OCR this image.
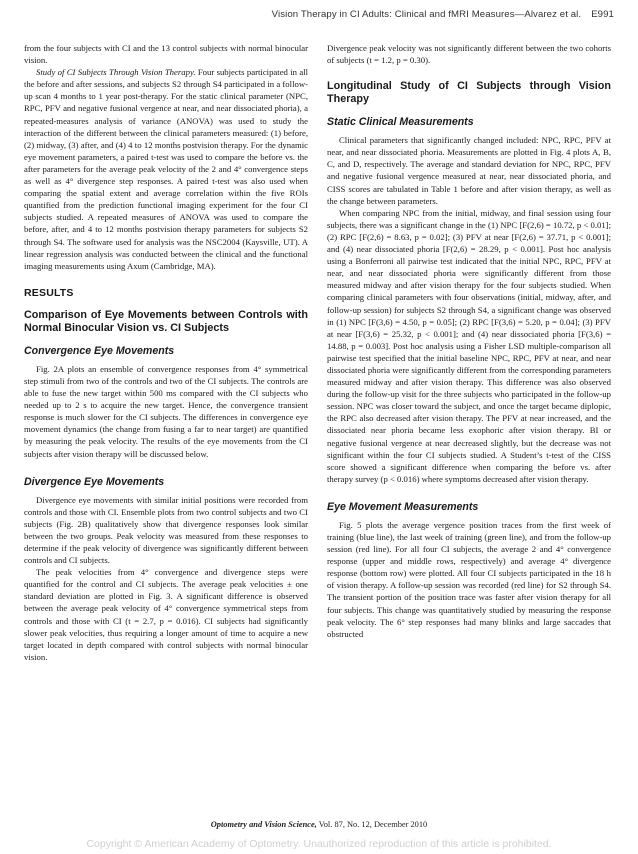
Vision Therapy in CI Adults: Clinical and fMRI Measures—Alvarez et al. E991

from the four subjects with CI and the 13 control subjects with normal binocular vision.

Study of CI Subjects Through Vision Therapy. Four subjects participated in all the before and after sessions, and subjects S2 through S4 participated in a follow-up scan 4 months to 1 year post-therapy. For the static clinical parameter (NPC, RPC, PFV and negative fusional vergence at near, and near dissociated phoria), a repeated-measures analysis of variance (ANOVA) was used to study the interaction of the different between the clinical parameters measured: (1) before, (2) midway, (3) after, and (4) 4 to 12 months postvision therapy. For the dynamic eye movement parameters, a paired t-test was used to compare the before vs. the after parameters for the average peak velocity of the 2 and 4° convergence steps as well as 4° divergence step responses. A paired t-test was also used when comparing the spatial extent and average correlation within the five ROIs quantified from the prediction functional imaging experiment for the four CI subjects studied. A repeated measures of ANOVA was used to compare the before, after, and 4 to 12 months postvision therapy parameters for subjects S2 through S4. The software used for analysis was the NSC2004 (Kaysville, UT). A linear regression analysis was conducted between the clinical and the functional imaging measurements using Axum (Cambridge, MA).

RESULTS
Comparison of Eye Movements between Controls with Normal Binocular Vision vs. CI Subjects
Convergence Eye Movements

Fig. 2A plots an ensemble of convergence responses from 4° symmetrical step stimuli from two of the controls and two of the CI subjects. The controls are able to fuse the new target within 500 ms compared with the CI subjects who needed up to 2 s to acquire the new target. Hence, the convergence transient response is much slower for the CI subjects. The differences in convergence eye movement dynamics (the change from fusing a far to near target) are quantified by measuring the peak velocity. The results of the eye movements from the CI subjects after vision therapy will be discussed below.

Divergence Eye Movements

Divergence eye movements with similar initial positions were recorded from controls and those with CI. Ensemble plots from two control subjects and two CI subjects (Fig. 2B) qualitatively show that divergence responses look similar between the two groups. Peak velocity was measured from these responses to determine if the peak velocity of divergence was significantly different between controls and CI subjects.

The peak velocities from 4° convergence and divergence steps were quantified for the control and CI subjects. The average peak velocities ± one standard deviation are plotted in Fig. 3. A significant difference is observed between the average peak velocity of 4° convergence symmetrical steps from controls and those with CI (t = 2.7, p = 0.016). CI subjects had significantly slower peak velocities, thus requiring a longer amount of time to acquire a new target located in depth compared with control subjects with normal binocular vision.

Divergence peak velocity was not significantly different between the two cohorts of subjects (t = 1.2, p = 0.30).

Longitudinal Study of CI Subjects through Vision Therapy
Static Clinical Measurements

Clinical parameters that significantly changed included: NPC, RPC, PFV at near, and near dissociated phoria. Measurements are plotted in Fig. 4 plots A, B, C, and D, respectively. The average and standard deviation for NPC, RPC, PFV and negative fusional vergence measured at near, near dissociated phoria, and CISS scores are tabulated in Table 1 before and after vision therapy, as well as the change between parameters.

When comparing NPC from the initial, midway, and final session using four subjects, there was a significant change in the (1) NPC [F(2,6) = 10.72, p < 0.01]; (2) RPC [F(2,6) = 8.63, p = 0.02]; (3) PFV at near [F(2,6) = 37.71, p < 0.001]; and (4) near dissociated phoria [F(2,6) = 28.29, p < 0.001]. Post hoc analysis using a Bonferroni all pairwise test indicated that the initial NPC, RPC, PFV at near, and near dissociated phoria were significantly different from those measured midway and after vision therapy for the four subjects studied. When comparing clinical parameters with four observations (initial, midway, after, and follow-up session) for subjects S2 through S4, a significant change was observed in (1) NPC [F(3,6) = 4.50, p = 0.05]; (2) RPC [F(3,6) = 5.20, p = 0.04]; (3) PFV at near [F(3,6) = 25.32, p < 0.001]; and (4) near dissociated phoria [F(3,6) = 14.88, p = 0.003]. Post hoc analysis using a Fisher LSD multiple-comparison all pairwise test specified that the initial baseline NPC, RPC, PFV at near, and near dissociated phoria were significantly different from the corresponding parameters measured midway and after vision therapy. This difference was also observed during the follow-up visit for the three subjects who participated in the follow-up session. NPC was closer toward the subject, and once the target became diplopic, the RPC also decreased after vision therapy. The PFV at near increased, and the dissociated near phoria became less exophoric after vision therapy. BI or negative fusional vergence at near decreased slightly, but the decrease was not significant within the four CI subjects studied. A Student’s t-test of the CISS score showed a significant difference when comparing the before vs. after therapy survey (p < 0.016) where symptoms decreased after vision therapy.

Eye Movement Measurements

Fig. 5 plots the average vergence position traces from the first week of training (blue line), the last week of training (green line), and from the follow-up session (red line). For all four CI subjects, the average 2 and 4° convergence response (upper and middle rows, respectively) and average 4° divergence response (bottom row) were plotted. All four CI subjects participated in the 18 h of vision therapy. A follow-up session was recorded (red line) for S2 through S4. The transient portion of the position trace was faster after vision therapy for all four subjects. This change was quantitatively studied by measuring the response peak velocity. The 6° step responses had many blinks and large saccades that obstructed

Optometry and Vision Science, Vol. 87, No. 12, December 2010
Copyright © American Academy of Optometry. Unauthorized reproduction of this article is prohibited.
